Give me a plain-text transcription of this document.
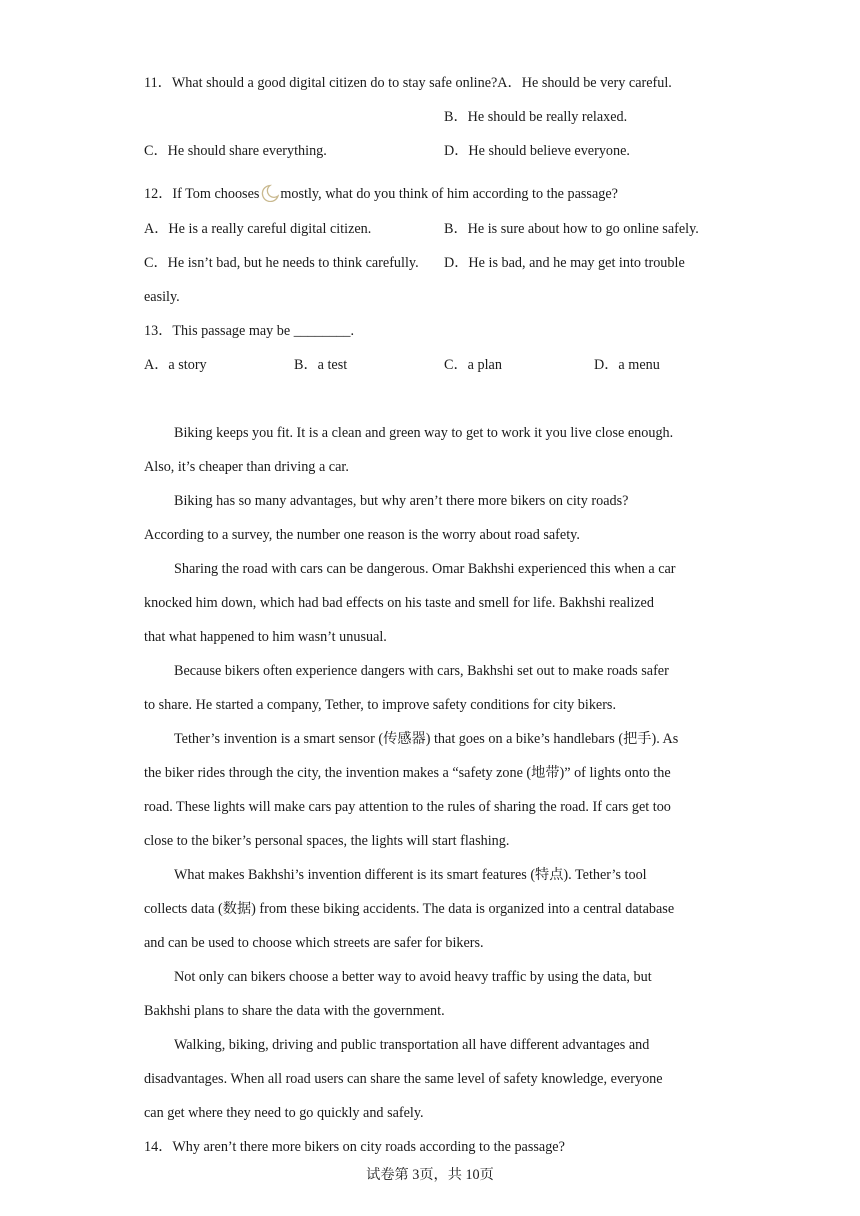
11．What should a good digital citizen do to stay safe online?A．He should be very careful.
B．He should be really relaxed.
C．He should share everything.	D．He should believe everyone.
12．If Tom chooses mostly, what do you think of him according to the passage?
A．He is a really careful digital citizen.	B．He is sure about how to go online safely.
C．He isn’t bad, but he needs to think carefully. D．He is bad, and he may get into trouble
easily.
13．This passage may be ________.
A．a story	B．a test	C．a plan	D．a menu
Biking keeps you fit. It is a clean and green way to get to work it you live close enough.
Also, it’s cheaper than driving a car.
Biking has so many advantages, but why aren’t there more bikers on city roads?
According to a survey, the number one reason is the worry about road safety.
Sharing the road with cars can be dangerous. Omar Bakhshi experienced this when a car
knocked him down, which had bad effects on his taste and smell for life. Bakhshi realized
that what happened to him wasn’t unusual.
Because bikers often experience dangers with cars, Bakhshi set out to make roads safer
to share. He started a company, Tether, to improve safety conditions for city bikers.
Tether’s invention is a smart sensor (传感器) that goes on a bike’s handlebars (把手). As
the biker rides through the city, the invention makes a “safety zone (地带)” of lights onto the
road. These lights will make cars pay attention to the rules of sharing the road. If cars get too
close to the biker’s personal spaces, the lights will start flashing.
What makes Bakhshi’s invention different is its smart features (特点). Tether’s tool
collects data (数据) from these biking accidents. The data is organized into a central database
and can be used to choose which streets are safer for bikers.
Not only can bikers choose a better way to avoid heavy traffic by using the data, but
Bakhshi plans to share the data with the government.
Walking, biking, driving and public transportation all have different advantages and
disadvantages. When all road users can share the same level of safety knowledge, everyone
can get where they need to go quickly and safely.
14．Why aren’t there more bikers on city roads according to the passage?
试卷第 3页，共 10页
